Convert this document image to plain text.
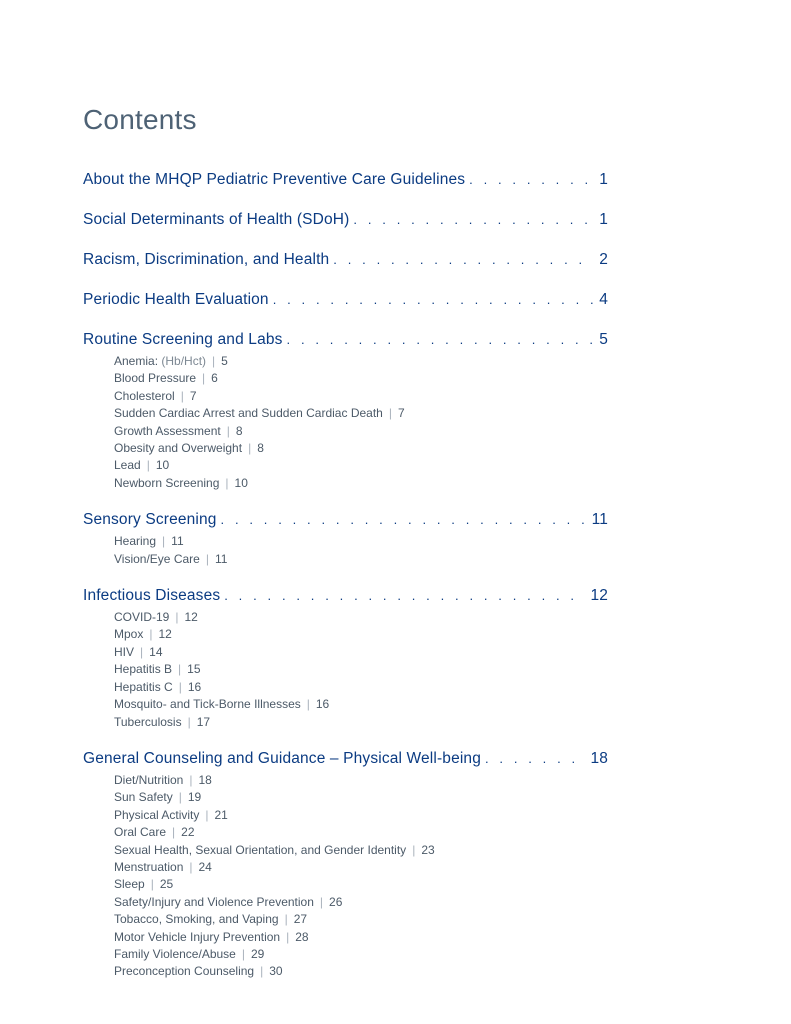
Contents
About the MHQP Pediatric Preventive Care Guidelines . . .	1
Social Determinants of Health (SDoH) . . .	1
Racism, Discrimination, and Health . . .	2
Periodic Health Evaluation . . .	4
Routine Screening and Labs . . .	5
Anemia: (Hb/Hct) | 5
Blood Pressure | 6
Cholesterol | 7
Sudden Cardiac Arrest and Sudden Cardiac Death | 7
Growth Assessment | 8
Obesity and Overweight | 8
Lead | 10
Newborn Screening | 10
Sensory Screening . . .	11
Hearing | 11
Vision/Eye Care | 11
Infectious Diseases . . .	12
COVID-19 | 12
Mpox | 12
HIV | 14
Hepatitis B | 15
Hepatitis C | 16
Mosquito- and Tick-Borne Illnesses | 16
Tuberculosis | 17
General Counseling and Guidance – Physical Well-being . . .	18
Diet/Nutrition | 18
Sun Safety | 19
Physical Activity | 21
Oral Care | 22
Sexual Health, Sexual Orientation, and Gender Identity | 23
Menstruation | 24
Sleep | 25
Safety/Injury and Violence Prevention | 26
Tobacco, Smoking, and Vaping | 27
Motor Vehicle Injury Prevention | 28
Family Violence/Abuse | 29
Preconception Counseling | 30
